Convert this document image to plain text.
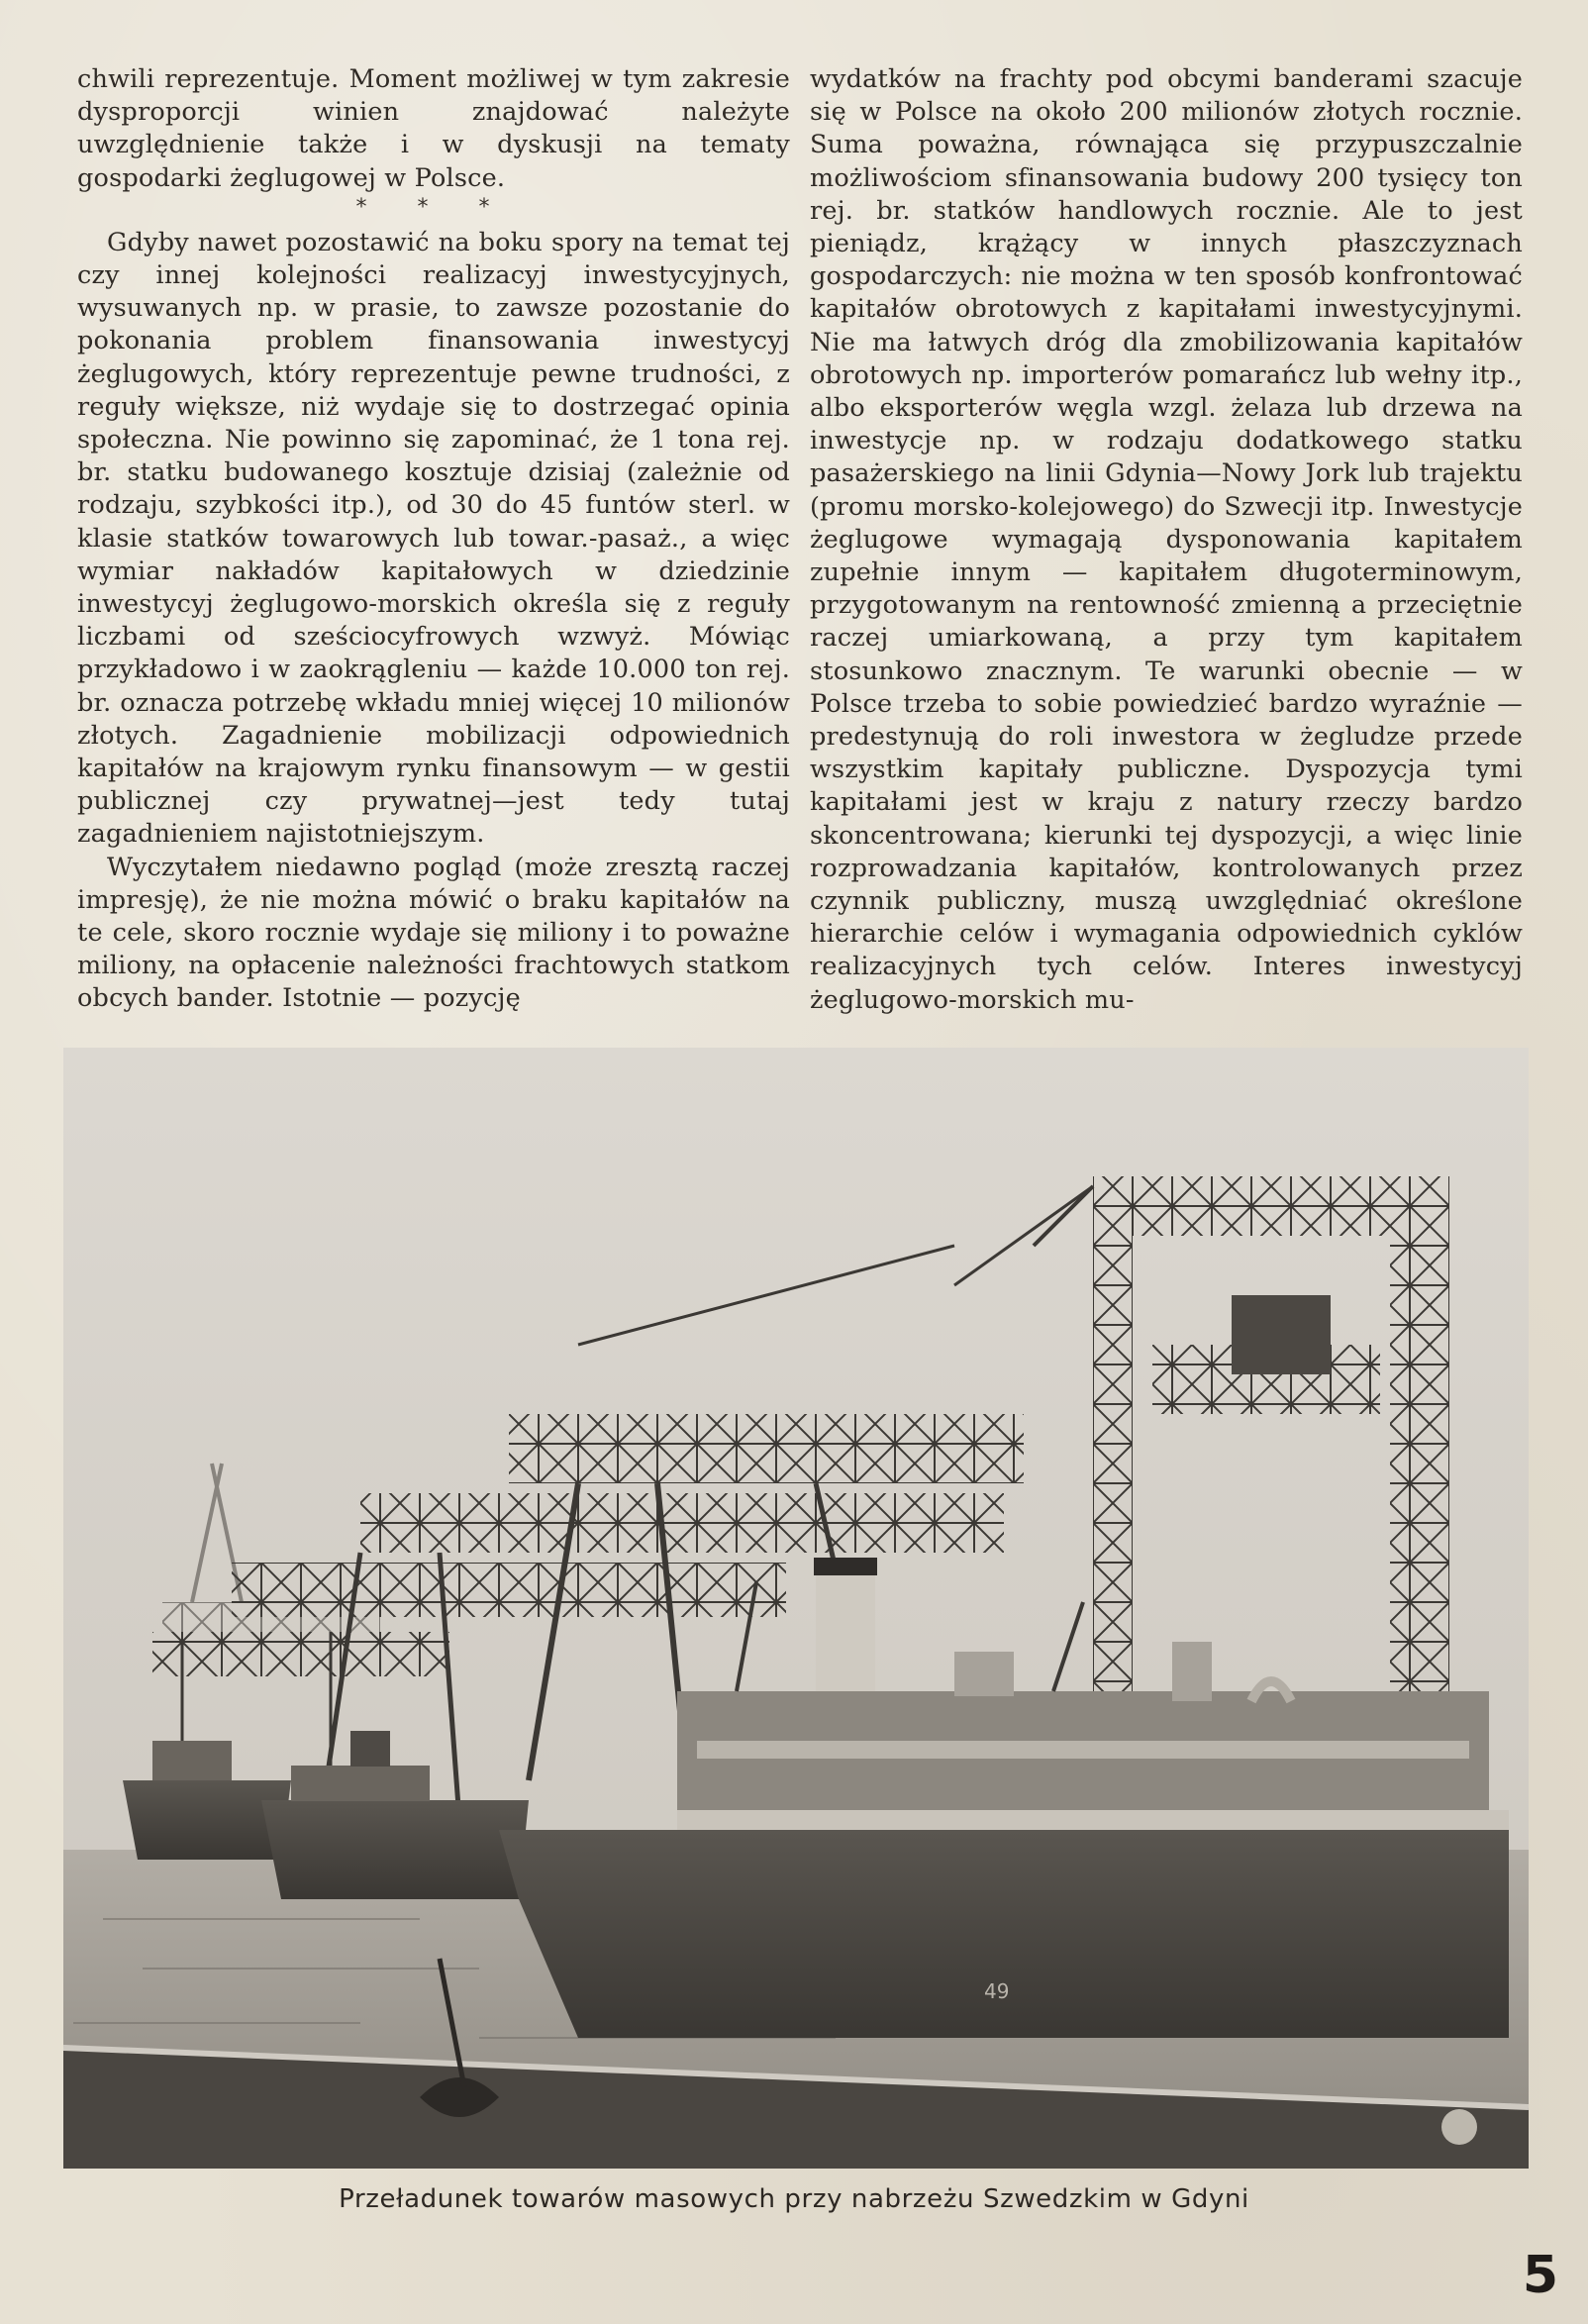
chwili reprezentuje. Moment możliwej w tym zakresie dysproporcji winien znajdować należyte uwzględnienie także i w dyskusji na tematy gospodarki żeglugowej w Polsce.

* * *

Gdyby nawet pozostawić na boku spory na temat tej czy innej kolejności realizacyj inwestycyjnych, wysuwanych np. w prasie, to zawsze pozostanie do pokonania problem finansowania inwestycyj żeglugowych, który reprezentuje pewne trudności, z reguły większe, niż wydaje się to dostrzegać opinia społeczna. Nie powinno się zapominać, że 1 tona rej. br. statku budowanego kosztuje dzisiaj (zależnie od rodzaju, szybkości itp.), od 30 do 45 funtów sterl. w klasie statków towarowych lub towar.-pasaż., a więc wymiar nakładów kapitałowych w dziedzinie inwestycyj żeglugowo-morskich określa się z reguły liczbami od sześciocyfrowych wzwyż. Mówiąc przykładowo i w zaokrągleniu — każde 10.000 ton rej. br. oznacza potrzebę wkładu mniej więcej 10 milionów złotych. Zagadnienie mobilizacji odpowiednich kapitałów na krajowym rynku finansowym — w gestii publicznej czy prywatnej—jest tedy tutaj zagadnieniem najistotniejszym.

Wyczytałem niedawno pogląd (może zresztą raczej impresję), że nie można mówić o braku kapitałów na te cele, skoro rocznie wydaje się miliony i to poważne miliony, na opłacenie należności frachtowych statkom obcych bander. Istotnie — pozycję

wydatków na frachty pod obcymi banderami szacuje się w Polsce na około 200 milionów złotych rocznie. Suma poważna, równająca się przypuszczalnie możliwościom sfinansowania budowy 200 tysięcy ton rej. br. statków handlowych rocznie. Ale to jest pieniądz, krążący w innych płaszczyznach gospodarczych: nie można w ten sposób konfrontować kapitałów obrotowych z kapitałami inwestycyjnymi. Nie ma łatwych dróg dla zmobilizowania kapitałów obrotowych np. importerów pomarańcz lub wełny itp., albo eksporterów węgla wzgl. żelaza lub drzewa na inwestycje np. w rodzaju dodatkowego statku pasażerskiego na linii Gdynia—Nowy Jork lub trajektu (promu morsko-kolejowego) do Szwecji itp. Inwestycje żeglugowe wymagają dysponowania kapitałem zupełnie innym — kapitałem długoterminowym, przygotowanym na rentowność zmienną a przeciętnie raczej umiarkowaną, a przy tym kapitałem stosunkowo znacznym. Te warunki obecnie — w Polsce trzeba to sobie powiedzieć bardzo wyraźnie — predestynują do roli inwestora w żegludze przede wszystkim kapitały publiczne. Dyspozycja tymi kapitałami jest w kraju z natury rzeczy bardzo skoncentrowana; kierunki tej dyspozycji, a więc linie rozprowadzania kapitałów, kontrolowanych przez czynnik publiczny, muszą uwzględniać określone hierarchie celów i wymagania odpowiednich cyklów realizacyjnych tych celów. Interes inwestycyj żeglugowo-morskich mu-

49
Przeładunek towarów masowych przy nabrzeżu Szwedzkim w Gdyni
5
